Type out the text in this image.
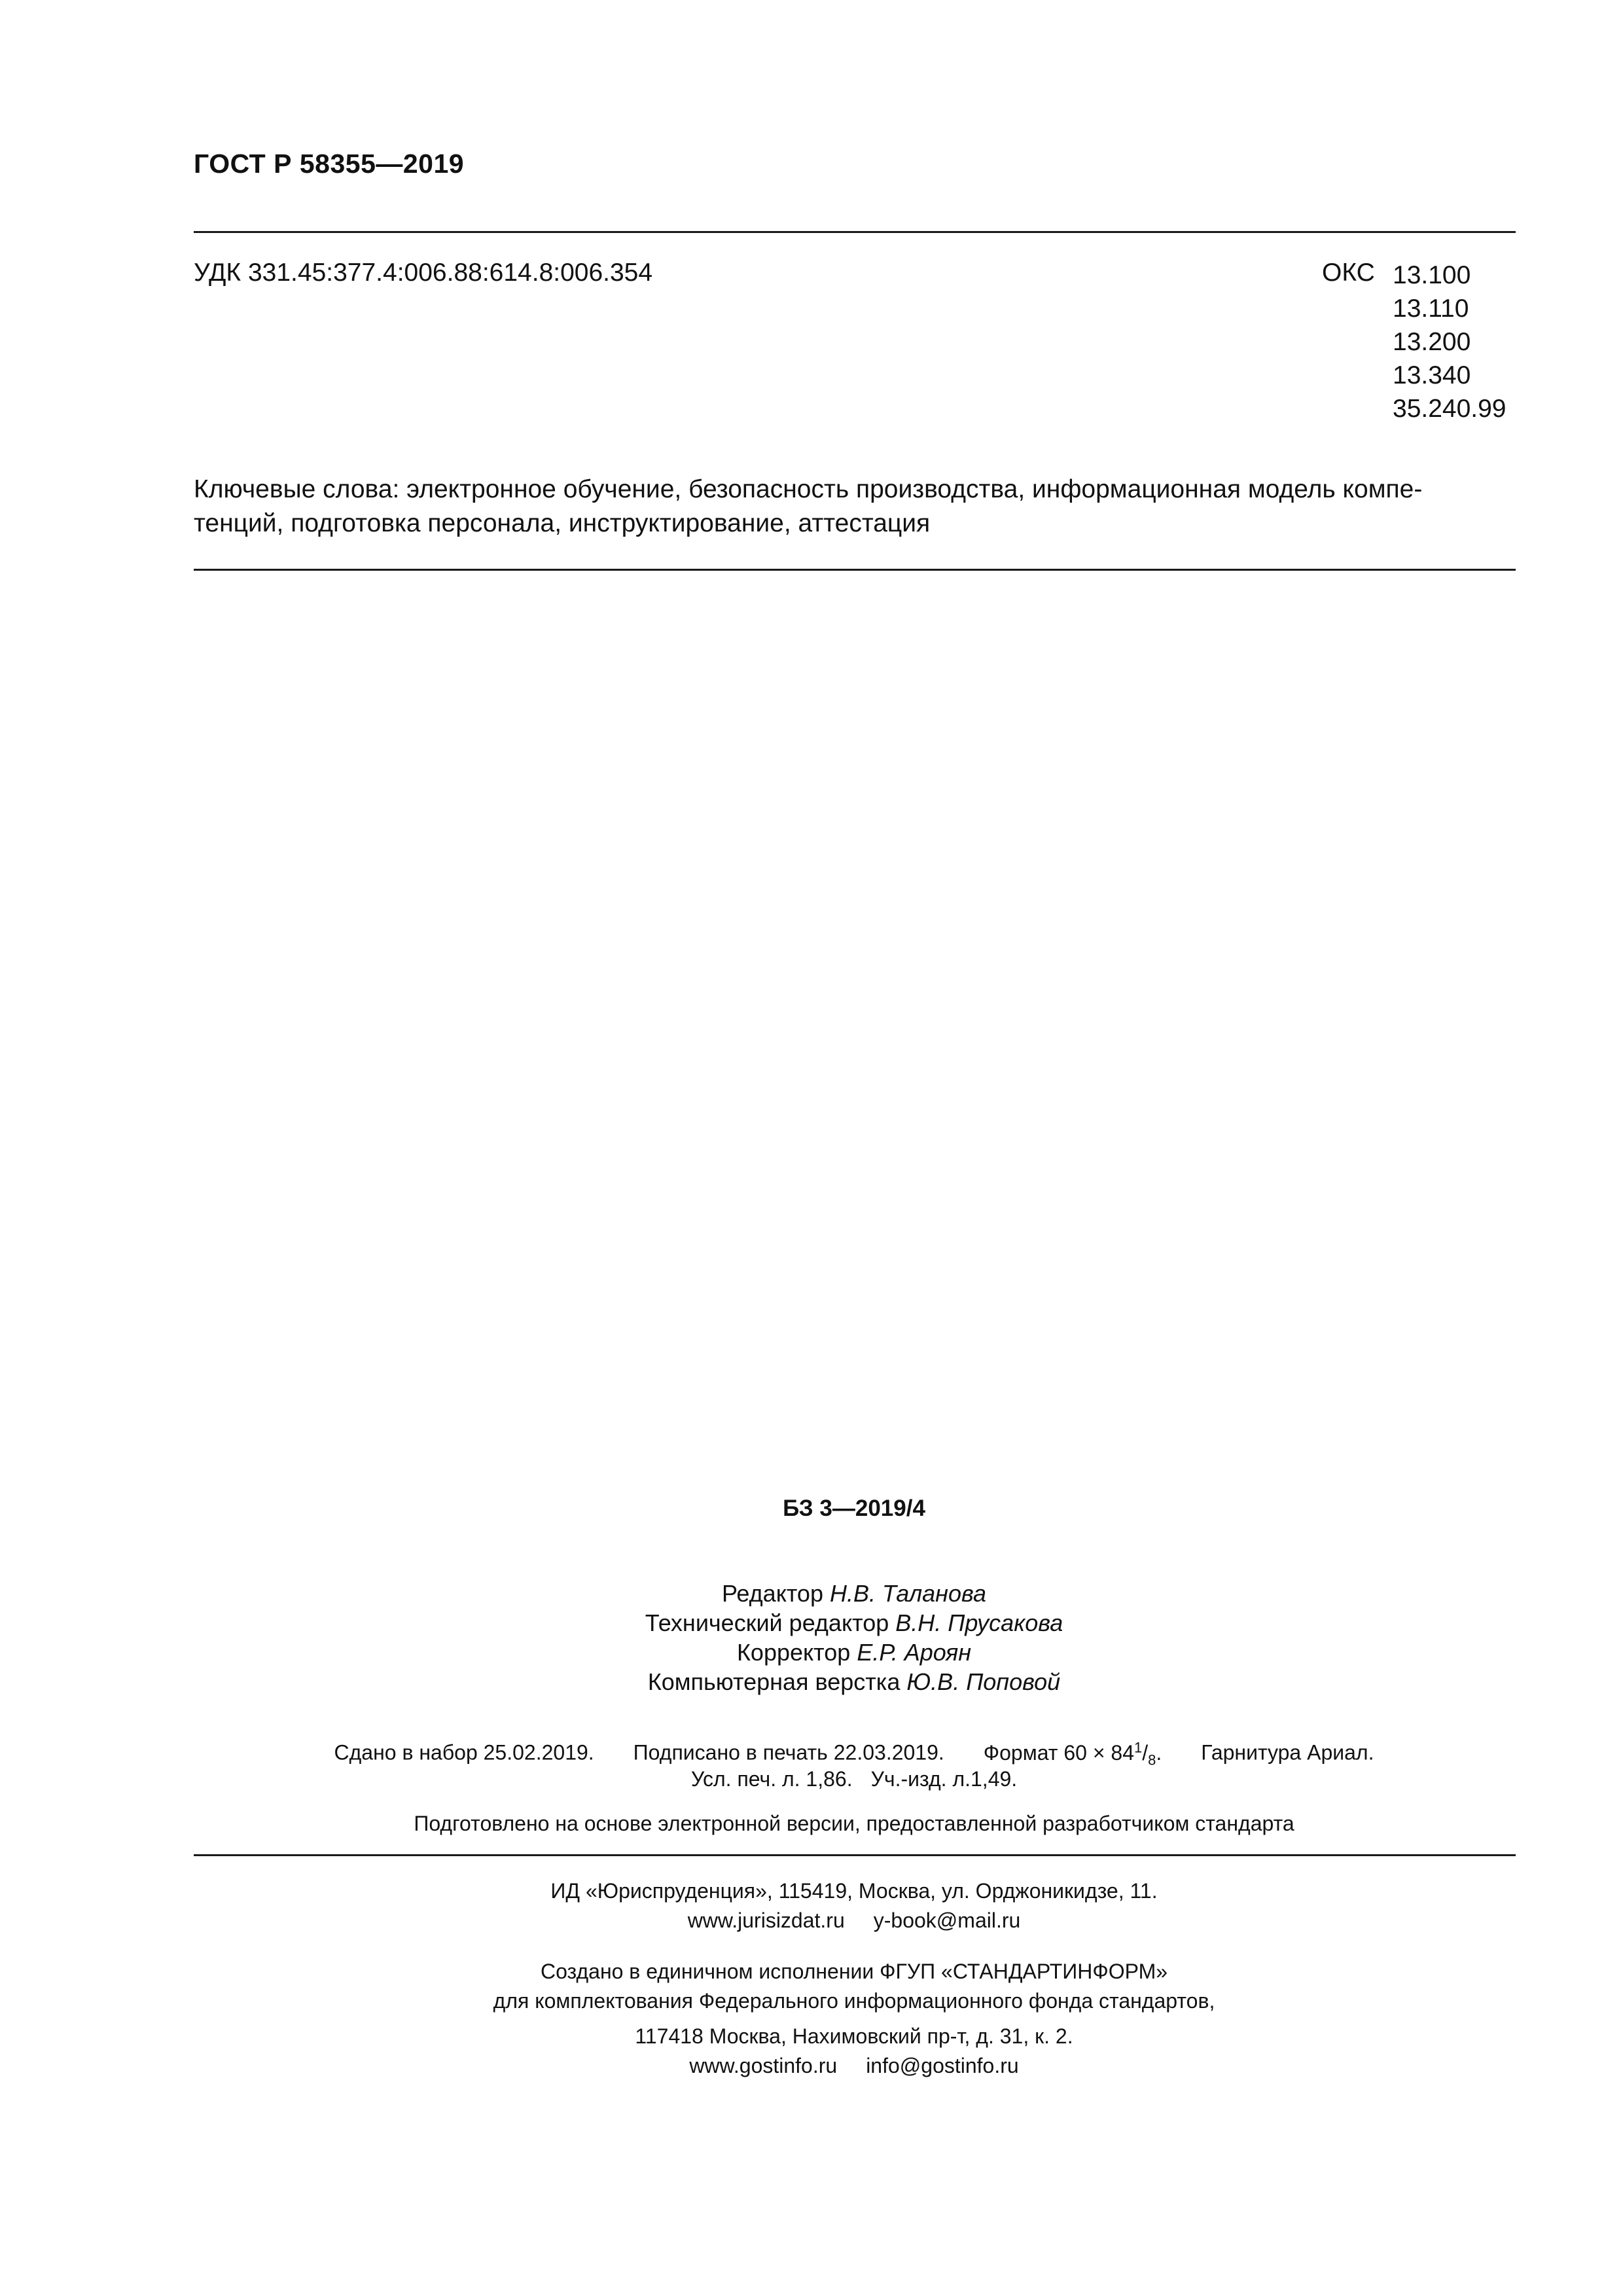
ГОСТ Р 58355—2019
УДК 331.45:377.4:006.88:614.8:006.354	ОКС 13.100
13.110
13.200
13.340
35.240.99
Ключевые слова: электронное обучение, безопасность производства, информационная модель компе-
тенций, подготовка персонала, инструктирование, аттестация
БЗ 3—2019/4
Редактор Н.В. Таланова
Технический редактор В.Н. Прусакова
Корректор Е.Р. Ароян
Компьютерная верстка Ю.В. Поповой
Сдано в набор 25.02.2019. Подписано в печать 22.03.2019. Формат $60 \times 84^1/_8$. Гарнитура Ариал.
Усл. печ. л. 1,86. Уч.-изд. л.1,49.
Подготовлено на основе электронной версии, предоставленной разработчиком стандарта
ИД «Юриспруденция», 115419, Москва, ул. Орджоникидзе, 11.
www.jurisizdat.ru y-book@mail.ru
Создано в единичном исполнении ФГУП «СТАНДАРТИНФОРМ»
для комплектования Федерального информационного фонда стандартов,
117418 Москва, Нахимовский пр-т, д. 31, к. 2.
www.gostinfo.ru info@gostinfo.ru
